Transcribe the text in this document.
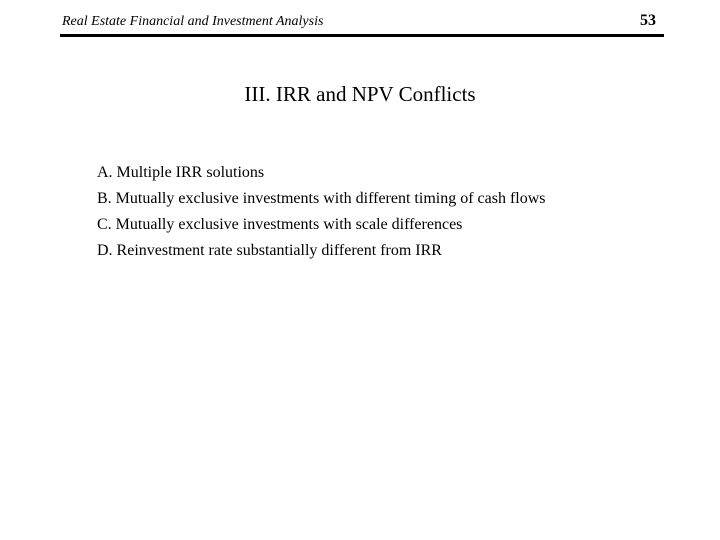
Real Estate Financial and Investment Analysis	53
III. IRR and NPV Conflicts
A. Multiple IRR solutions
B. Mutually exclusive investments with different timing of cash flows
C. Mutually exclusive investments with scale differences
D. Reinvestment rate substantially different from IRR
